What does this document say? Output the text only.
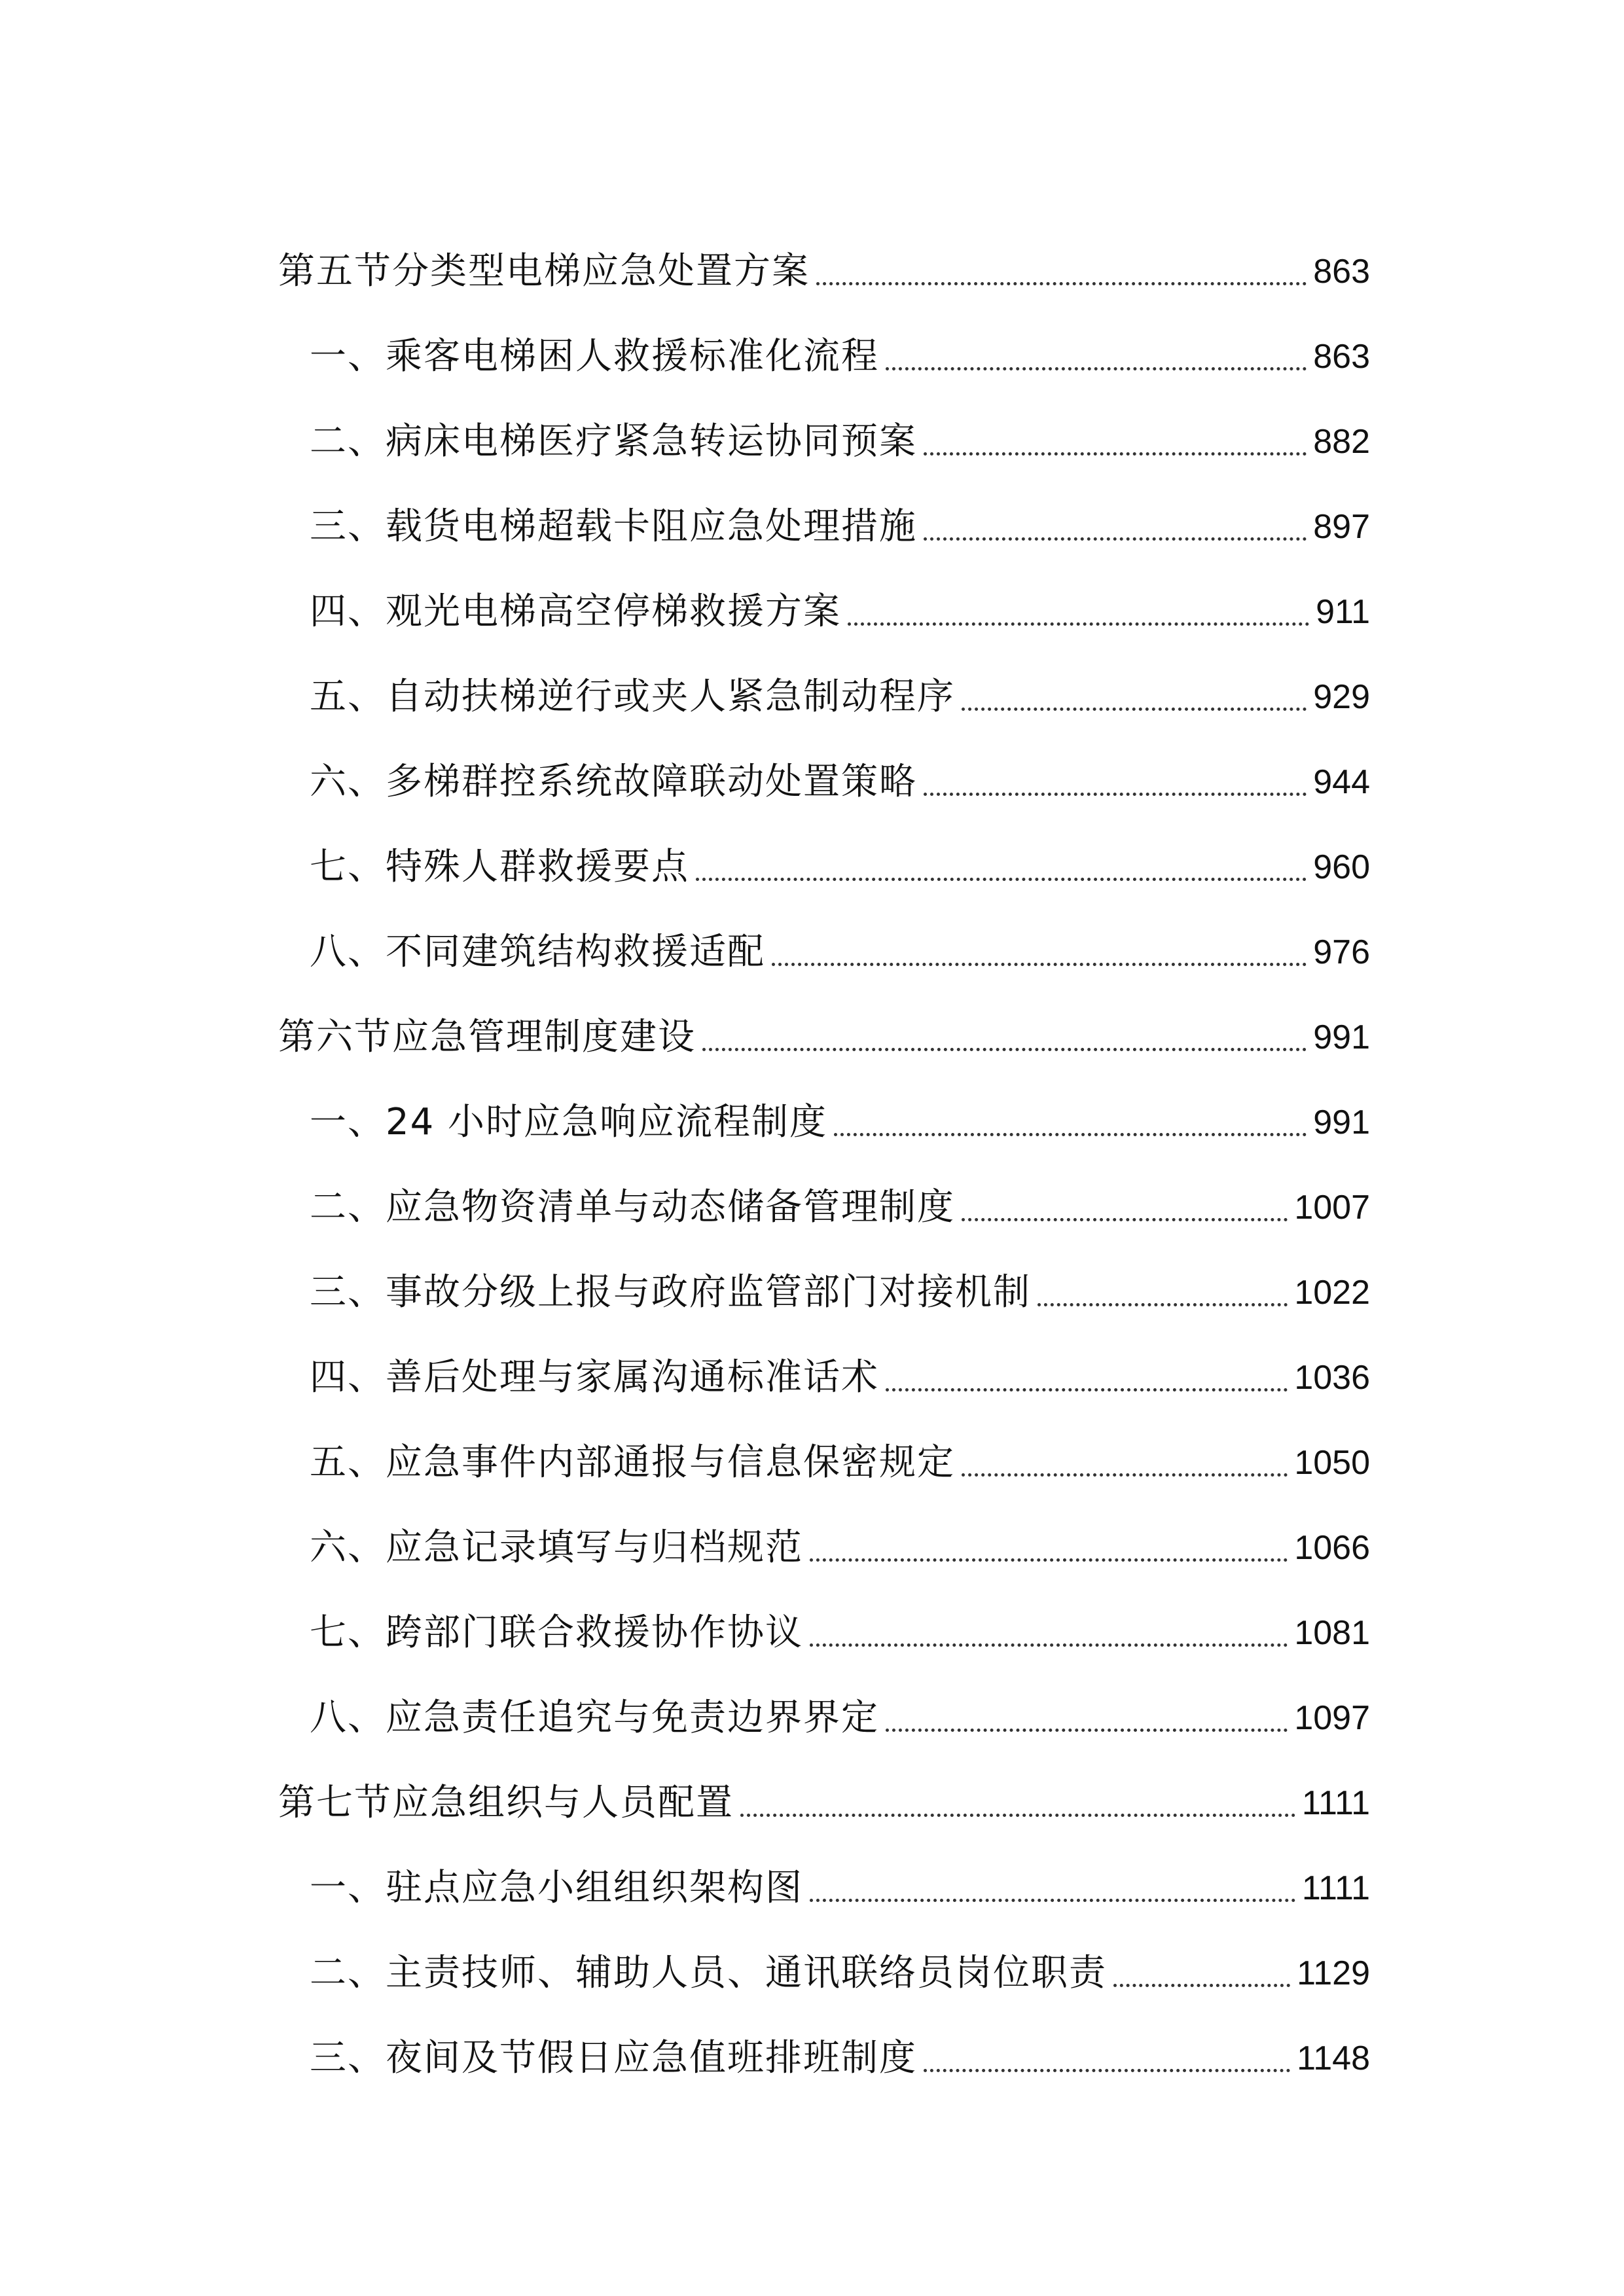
第五节分类型电梯应急处置方案	863
一、乘客电梯困人救援标准化流程	863
二、病床电梯医疗紧急转运协同预案	882
三、载货电梯超载卡阻应急处理措施	897
四、观光电梯高空停梯救援方案	911
五、自动扶梯逆行或夹人紧急制动程序	929
六、多梯群控系统故障联动处置策略	944
七、特殊人群救援要点	960
八、不同建筑结构救援适配	976
第六节应急管理制度建设	991
一、24 小时应急响应流程制度	991
二、应急物资清单与动态储备管理制度	1007
三、事故分级上报与政府监管部门对接机制	1022
四、善后处理与家属沟通标准话术	1036
五、应急事件内部通报与信息保密规定	1050
六、应急记录填写与归档规范	1066
七、跨部门联合救援协作协议	1081
八、应急责任追究与免责边界界定	1097
第七节应急组织与人员配置	1111
一、驻点应急小组组织架构图	1111
二、主责技师、辅助人员、通讯联络员岗位职责	1129
三、夜间及节假日应急值班排班制度	1148
